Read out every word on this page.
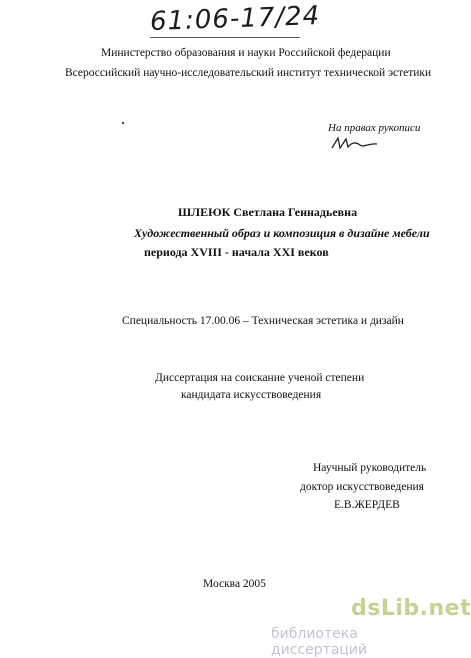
61:06-17/24
Министерство образования и науки Российской федерации
Всероссийский научно-исследовательский институт технической эстетики
На правах рукописи
ШЛЕЮК Светлана Геннадьевна
Художественный образ и композиция в дизайне мебели
периода XVIII - начала XXI веков
Специальность 17.00.06 – Техническая эстетика и дизайн
Диссертация на соискание ученой степени
кандидата искусствоведения
Научный руководитель
доктор искусствоведения
Е.В.ЖЕРДЕВ
Москва 2005
dsLib.net
библиотека диссертаций
